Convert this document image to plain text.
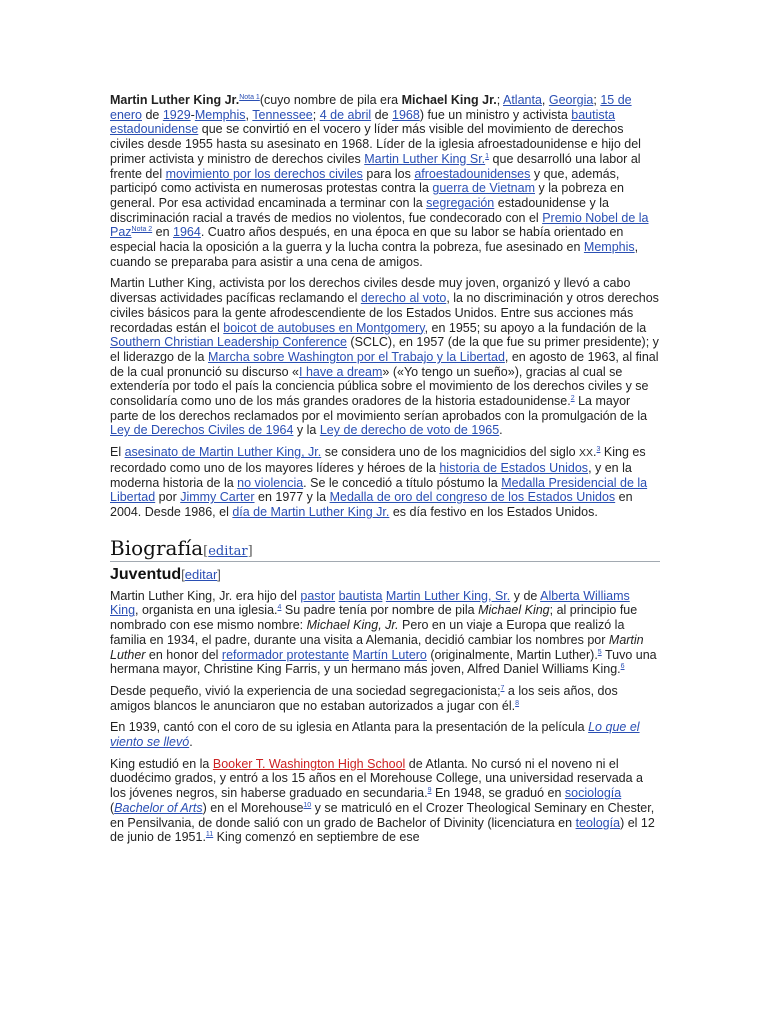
Martin Luther King Jr.$^{Nota 1}$(cuyo nombre de pila era Michael King Jr.; Atlanta, Georgia; 15 de enero de 1929-Memphis, Tennessee; 4 de abril de 1968) fue un ministro y activista bautista estadounidense que se convirtió en el vocero y líder más visible del movimiento de derechos civiles desde 1955 hasta su asesinato en 1968. Líder de la iglesia afroestadounidense e hijo del primer activista y ministro de derechos civiles Martin Luther King Sr.$^1$ que desarrolló una labor al frente del movimiento por los derechos civiles para los afroestadounidenses y que, además, participó como activista en numerosas protestas contra la guerra de Vietnam y la pobreza en general. Por esa actividad encaminada a terminar con la segregación estadounidense y la discriminación racial a través de medios no violentos, fue condecorado con el Premio Nobel de la Paz$^{Nota 2}$ en 1964. Cuatro años después, en una época en que su labor se había orientado en especial hacia la oposición a la guerra y la lucha contra la pobreza, fue asesinado en Memphis, cuando se preparaba para asistir a una cena de amigos.

Martin Luther King, activista por los derechos civiles desde muy joven, organizó y llevó a cabo diversas actividades pacíficas reclamando el derecho al voto, la no discriminación y otros derechos civiles básicos para la gente afrodescendiente de los Estados Unidos. Entre sus acciones más recordadas están el boicot de autobuses en Montgomery, en 1955; su apoyo a la fundación de la Southern Christian Leadership Conference (SCLC), en 1957 (de la que fue su primer presidente); y el liderazgo de la Marcha sobre Washington por el Trabajo y la Libertad, en agosto de 1963, al final de la cual pronunció su discurso «I have a dream» («Yo tengo un sueño»), gracias al cual se extendería por todo el país la conciencia pública sobre el movimiento de los derechos civiles y se consolidaría como uno de los más grandes oradores de la historia estadounidense.$^2$ La mayor parte de los derechos reclamados por el movimiento serían aprobados con la promulgación de la Ley de Derechos Civiles de 1964 y la Ley de derecho de voto de 1965.

El asesinato de Martin Luther King, Jr. se considera uno de los magnicidios del siglo XX.$^3$ King es recordado como uno de los mayores líderes y héroes de la historia de Estados Unidos, y en la moderna historia de la no violencia. Se le concedió a título póstumo la Medalla Presidencial de la Libertad por Jimmy Carter en 1977 y la Medalla de oro del congreso de los Estados Unidos en 2004. Desde 1986, el día de Martin Luther King Jr. es día festivo en los Estados Unidos.

Biografía[editar]
Juventud[editar]

Martin Luther King, Jr. era hijo del pastor bautista Martin Luther King, Sr. y de Alberta Williams King, organista en una iglesia.$^4$ Su padre tenía por nombre de pila Michael King; al principio fue nombrado con ese mismo nombre: Michael King, Jr. Pero en un viaje a Europa que realizó la familia en 1934, el padre, durante una visita a Alemania, decidió cambiar los nombres por Martin Luther en honor del reformador protestante Martín Lutero (originalmente, Martin Luther).$^5$ Tuvo una hermana mayor, Christine King Farris, y un hermano más joven, Alfred Daniel Williams King.$^6$

Desde pequeño, vivió la experiencia de una sociedad segregacionista;$^7$ a los seis años, dos amigos blancos le anunciaron que no estaban autorizados a jugar con él.$^8$

En 1939, cantó con el coro de su iglesia en Atlanta para la presentación de la película Lo que el viento se llevó.

King estudió en la Booker T. Washington High School de Atlanta. No cursó ni el noveno ni el duodécimo grados, y entró a los 15 años en el Morehouse College, una universidad reservada a los jóvenes negros, sin haberse graduado en secundaria.$^9$ En 1948, se graduó en sociología (Bachelor of Arts) en el Morehouse$^{10}$ y se matriculó en el Crozer Theological Seminary en Chester, en Pensilvania, de donde salió con un grado de Bachelor of Divinity (licenciatura en teología) el 12 de junio de 1951.11 King comenzó en septiembre de ese
